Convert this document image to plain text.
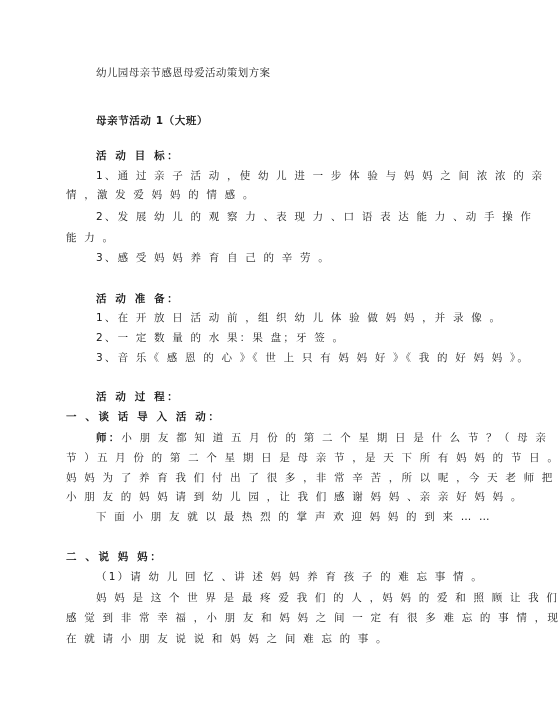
幼儿园母亲节感恩母爱活动策划方案
母亲节活动 1（大班）
活 动 目 标：
1、通 过 亲 子 活 动 ，使 幼 儿 进 一 步 体 验 与 妈 妈 之 间 浓 浓 的 亲
情 ，激 发 爱 妈 妈 的 情 感 。
2、发 展 幼 儿 的 观 察 力 、表 现 力 、口 语 表 达 能 力 、动 手 操 作
能 力 。
3、感 受 妈 妈 养 育 自 己 的 辛 劳 。
活 动 准 备：
1、在 开 放 日 活 动 前 ，组 织 幼 儿 体 验 做 妈 妈 ，并 录 像 。
2、一 定 数 量 的 水 果：果 盘；牙 签 。
3、音 乐《 感 恩 的 心 》《 世 上 只 有 妈 妈 好 》《 我 的 好 妈 妈 》。
活 动 过 程：
一 、谈 话 导 入 活 动：
师：小 朋 友 都 知 道 五 月 份 的 第 二 个 星 期 日 是 什 么 节 ？（ 母 亲
节 ）五 月 份 的 第 二 个 星 期 日 是 母 亲 节 ，是 天 下 所 有 妈 妈 的 节 日 。
妈 妈 为 了 养 育 我 们 付 出 了 很 多 ，非 常 辛 苦 ，所 以 呢 ，今 天 老 师 把
小 朋 友 的 妈 妈 请 到 幼 儿 园 ，让 我 们 感 谢 妈 妈 、亲 亲 好 妈 妈 。
下 面 小 朋 友 就 以 最 热 烈 的 掌 声 欢 迎 妈 妈 的 到 来 … …
二 、说 妈 妈：
（1）请 幼 儿 回 忆 、讲 述 妈 妈 养 育 孩 子 的 难 忘 事 情 。
妈 妈 是 这 个 世 界 是 最 疼 爱 我 们 的 人 ，妈 妈 的 爱 和 照 顾 让 我 们
感 觉 到 非 常 幸 福 ，小 朋 友 和 妈 妈 之 间 一 定 有 很 多 难 忘 的 事 情 ，现
在 就 请 小 朋 友 说 说 和 妈 妈 之 间 难 忘 的 事 。
